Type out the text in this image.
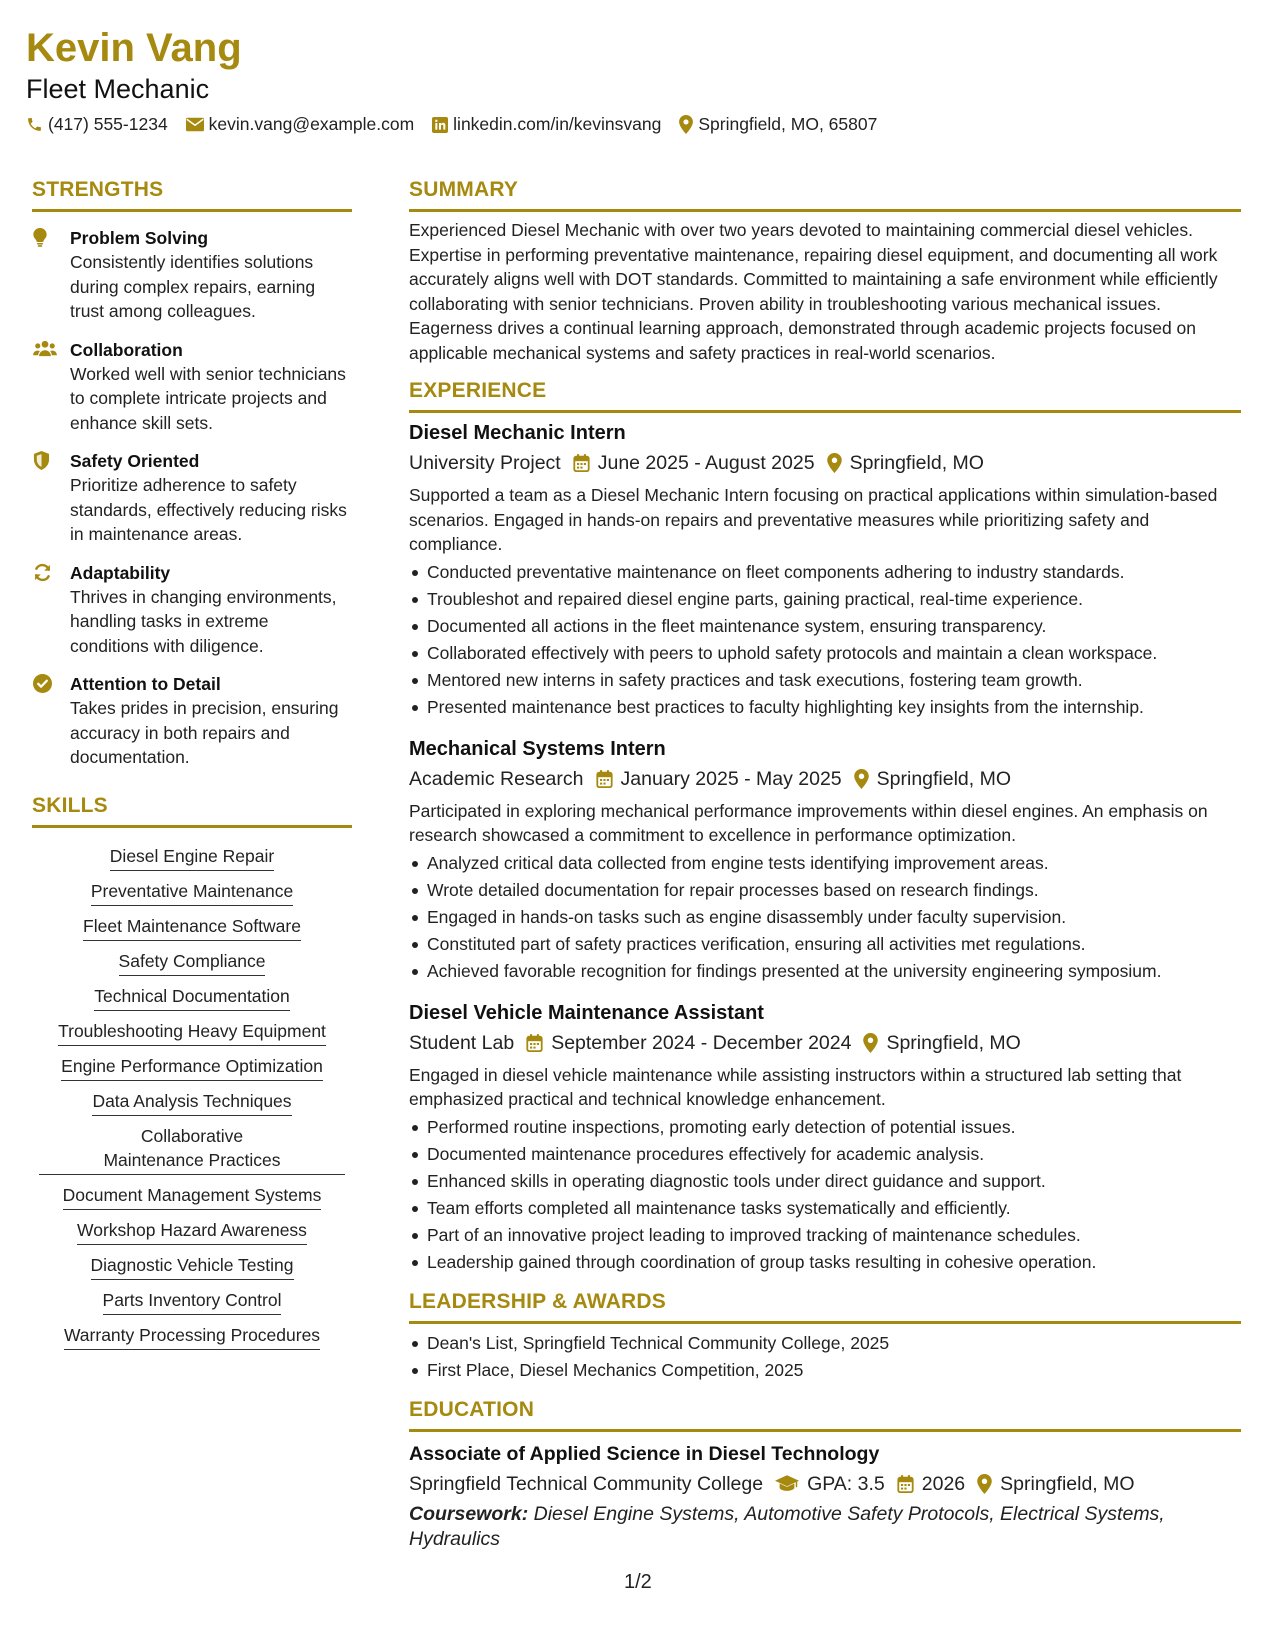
Kevin Vang
Fleet Mechanic
(417) 555-1234 kevin.vang@example.com linkedin.com/in/kevinsvang Springfield, MO, 65807
STRENGTHS
Problem Solving
Consistently identifies solutions during complex repairs, earning trust among colleagues.
Collaboration
Worked well with senior technicians to complete intricate projects and enhance skill sets.
Safety Oriented
Prioritize adherence to safety standards, effectively reducing risks in maintenance areas.
Adaptability
Thrives in changing environments, handling tasks in extreme conditions with diligence.
Attention to Detail
Takes prides in precision, ensuring accuracy in both repairs and documentation.
SKILLS
Diesel Engine Repair
Preventative Maintenance
Fleet Maintenance Software
Safety Compliance
Technical Documentation
Troubleshooting Heavy Equipment
Engine Performance Optimization
Data Analysis Techniques
Collaborative Maintenance Practices
Document Management Systems
Workshop Hazard Awareness
Diagnostic Vehicle Testing
Parts Inventory Control
Warranty Processing Procedures
SUMMARY
Experienced Diesel Mechanic with over two years devoted to maintaining commercial diesel vehicles. Expertise in performing preventative maintenance, repairing diesel equipment, and documenting all work accurately aligns well with DOT standards. Committed to maintaining a safe environment while efficiently collaborating with senior technicians. Proven ability in troubleshooting various mechanical issues. Eagerness drives a continual learning approach, demonstrated through academic projects focused on applicable mechanical systems and safety practices in real-world scenarios.
EXPERIENCE
Diesel Mechanic Intern
University Project June 2025 - August 2025 Springfield, MO
Supported a team as a Diesel Mechanic Intern focusing on practical applications within simulation-based scenarios. Engaged in hands-on repairs and preventative measures while prioritizing safety and compliance.
Conducted preventative maintenance on fleet components adhering to industry standards.
Troubleshot and repaired diesel engine parts, gaining practical, real-time experience.
Documented all actions in the fleet maintenance system, ensuring transparency.
Collaborated effectively with peers to uphold safety protocols and maintain a clean workspace.
Mentored new interns in safety practices and task executions, fostering team growth.
Presented maintenance best practices to faculty highlighting key insights from the internship.
Mechanical Systems Intern
Academic Research January 2025 - May 2025 Springfield, MO
Participated in exploring mechanical performance improvements within diesel engines. An emphasis on research showcased a commitment to excellence in performance optimization.
Analyzed critical data collected from engine tests identifying improvement areas.
Wrote detailed documentation for repair processes based on research findings.
Engaged in hands-on tasks such as engine disassembly under faculty supervision.
Constituted part of safety practices verification, ensuring all activities met regulations.
Achieved favorable recognition for findings presented at the university engineering symposium.
Diesel Vehicle Maintenance Assistant
Student Lab September 2024 - December 2024 Springfield, MO
Engaged in diesel vehicle maintenance while assisting instructors within a structured lab setting that emphasized practical and technical knowledge enhancement.
Performed routine inspections, promoting early detection of potential issues.
Documented maintenance procedures effectively for academic analysis.
Enhanced skills in operating diagnostic tools under direct guidance and support.
Team efforts completed all maintenance tasks systematically and efficiently.
Part of an innovative project leading to improved tracking of maintenance schedules.
Leadership gained through coordination of group tasks resulting in cohesive operation.
LEADERSHIP & AWARDS
Dean's List, Springfield Technical Community College, 2025
First Place, Diesel Mechanics Competition, 2025
EDUCATION
Associate of Applied Science in Diesel Technology
Springfield Technical Community College GPA: 3.5 2026 Springfield, MO
Coursework: Diesel Engine Systems, Automotive Safety Protocols, Electrical Systems, Hydraulics
1/2
